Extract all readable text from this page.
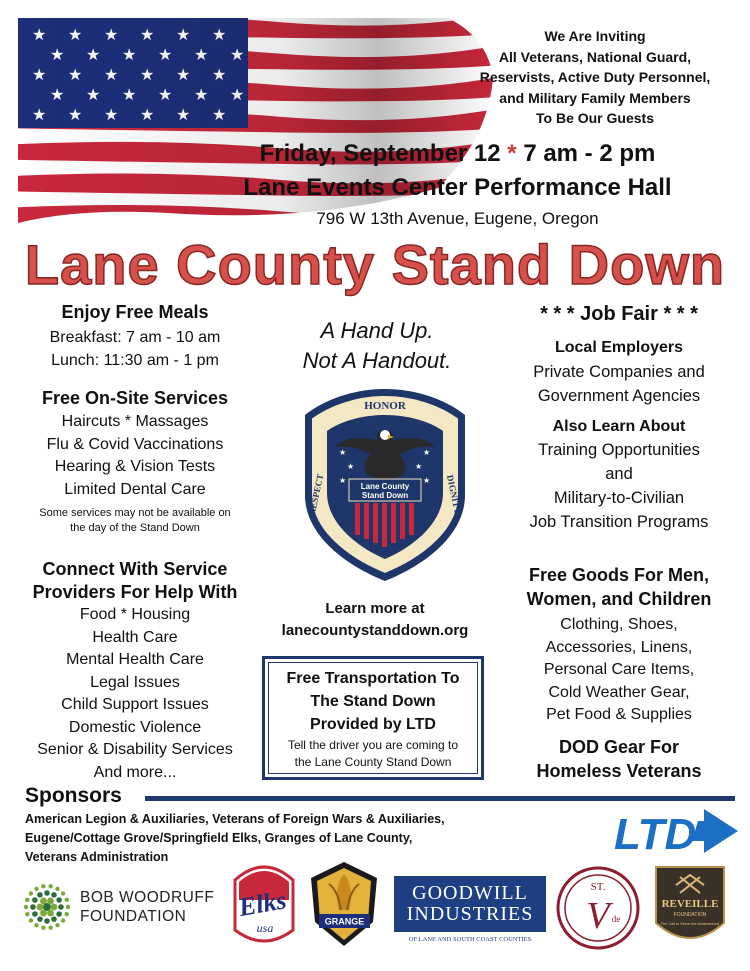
We Are Inviting
All Veterans, National Guard,
Reservists, Active Duty Personnel,
and Military Family Members
To Be Our Guests
Friday, September 12 * 7 am - 2 pm
Lane Events Center Performance Hall
796 W 13th Avenue, Eugene, Oregon
Lane County Stand Down
Enjoy Free Meals
Breakfast: 7 am - 10 am
Lunch: 11:30 am - 1 pm
Free On-Site Services
Haircuts * Massages
Flu & Covid Vaccinations
Hearing & Vision Tests
Limited Dental Care
Some services may not be available on
the day of the Stand Down
Connect With Service
Providers For Help With
Food * Housing
Health Care
Mental Health Care
Legal Issues
Child Support Issues
Domestic Violence
Senior & Disability Services
And more...
A Hand Up.
Not A Handout.
★
★
★
★
★
★
Lane County
Stand Down
HONOR
RESPECT	DIGNITY
Learn more at
lanecountystanddown.org
Free Transportation To
The Stand Down
Provided by LTD
Tell the driver you are coming to
the Lane County Stand Down
* * * Job Fair * * *
Local Employers
Private Companies and
Government Agencies
Also Learn About
Training Opportunities
and
Military-to-Civilian
Job Transition Programs
Free Goods For Men,
Women, and Children
Clothing, Shoes,
Accessories, Linens,
Personal Care Items,
Cold Weather Gear,
Pet Food & Supplies
DOD Gear For
Homeless Veterans
Sponsors
American Legion & Auxiliaries, Veterans of Foreign Wars & Auxiliaries,
Eugene/Cottage Grove/Springfield Elks, Granges of Lane County,
Veterans Administration	LTD
BOB WOODRUFF
FOUNDATION Elks
usa	GRANGE
GOODWILL
INDUSTRIES
OF LANE AND SOUTH COAST COUNTIES
ST.
V de
REVEILLE
FOUNDATION
The Call to Serve the Underserved
